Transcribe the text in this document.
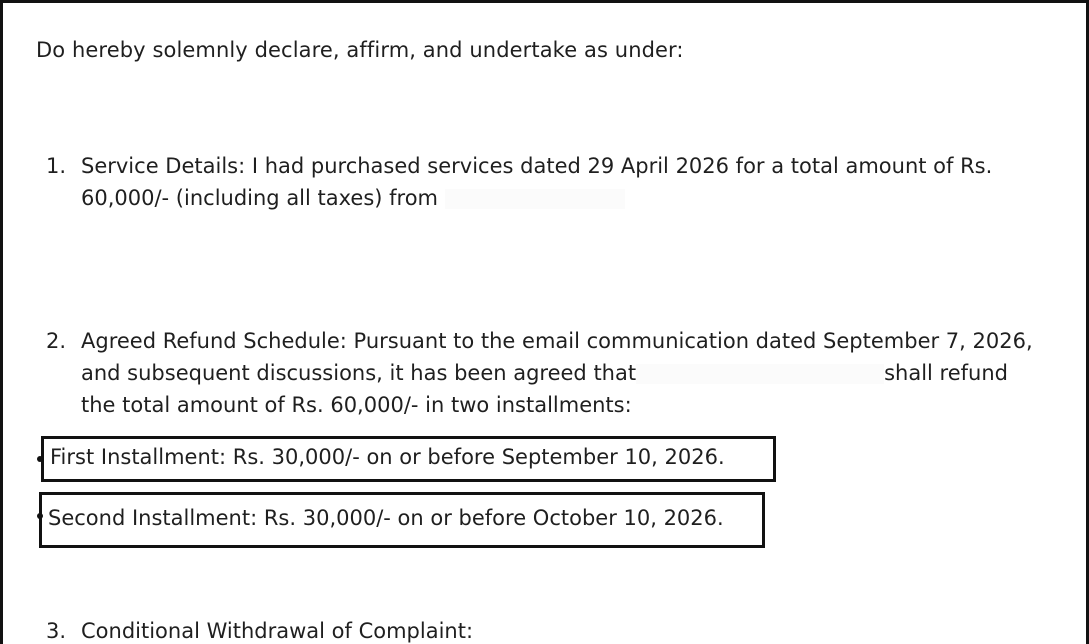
Do hereby solemnly declare, affirm, and undertake as under:
1. Service Details: I had purchased services dated 29 April 2026 for a total amount of Rs.
60,000/- (including all taxes) from
2. Agreed Refund Schedule: Pursuant to the email communication dated September 7, 2026,
and subsequent discussions, it has been agreed that	shall refund
the total amount of Rs. 60,000/- in two installments:
First Installment: Rs. 30,000/- on or before September 10, 2026.
Second Installment: Rs. 30,000/- on or before October 10, 2026.
3. Conditional Withdrawal of Complaint:
